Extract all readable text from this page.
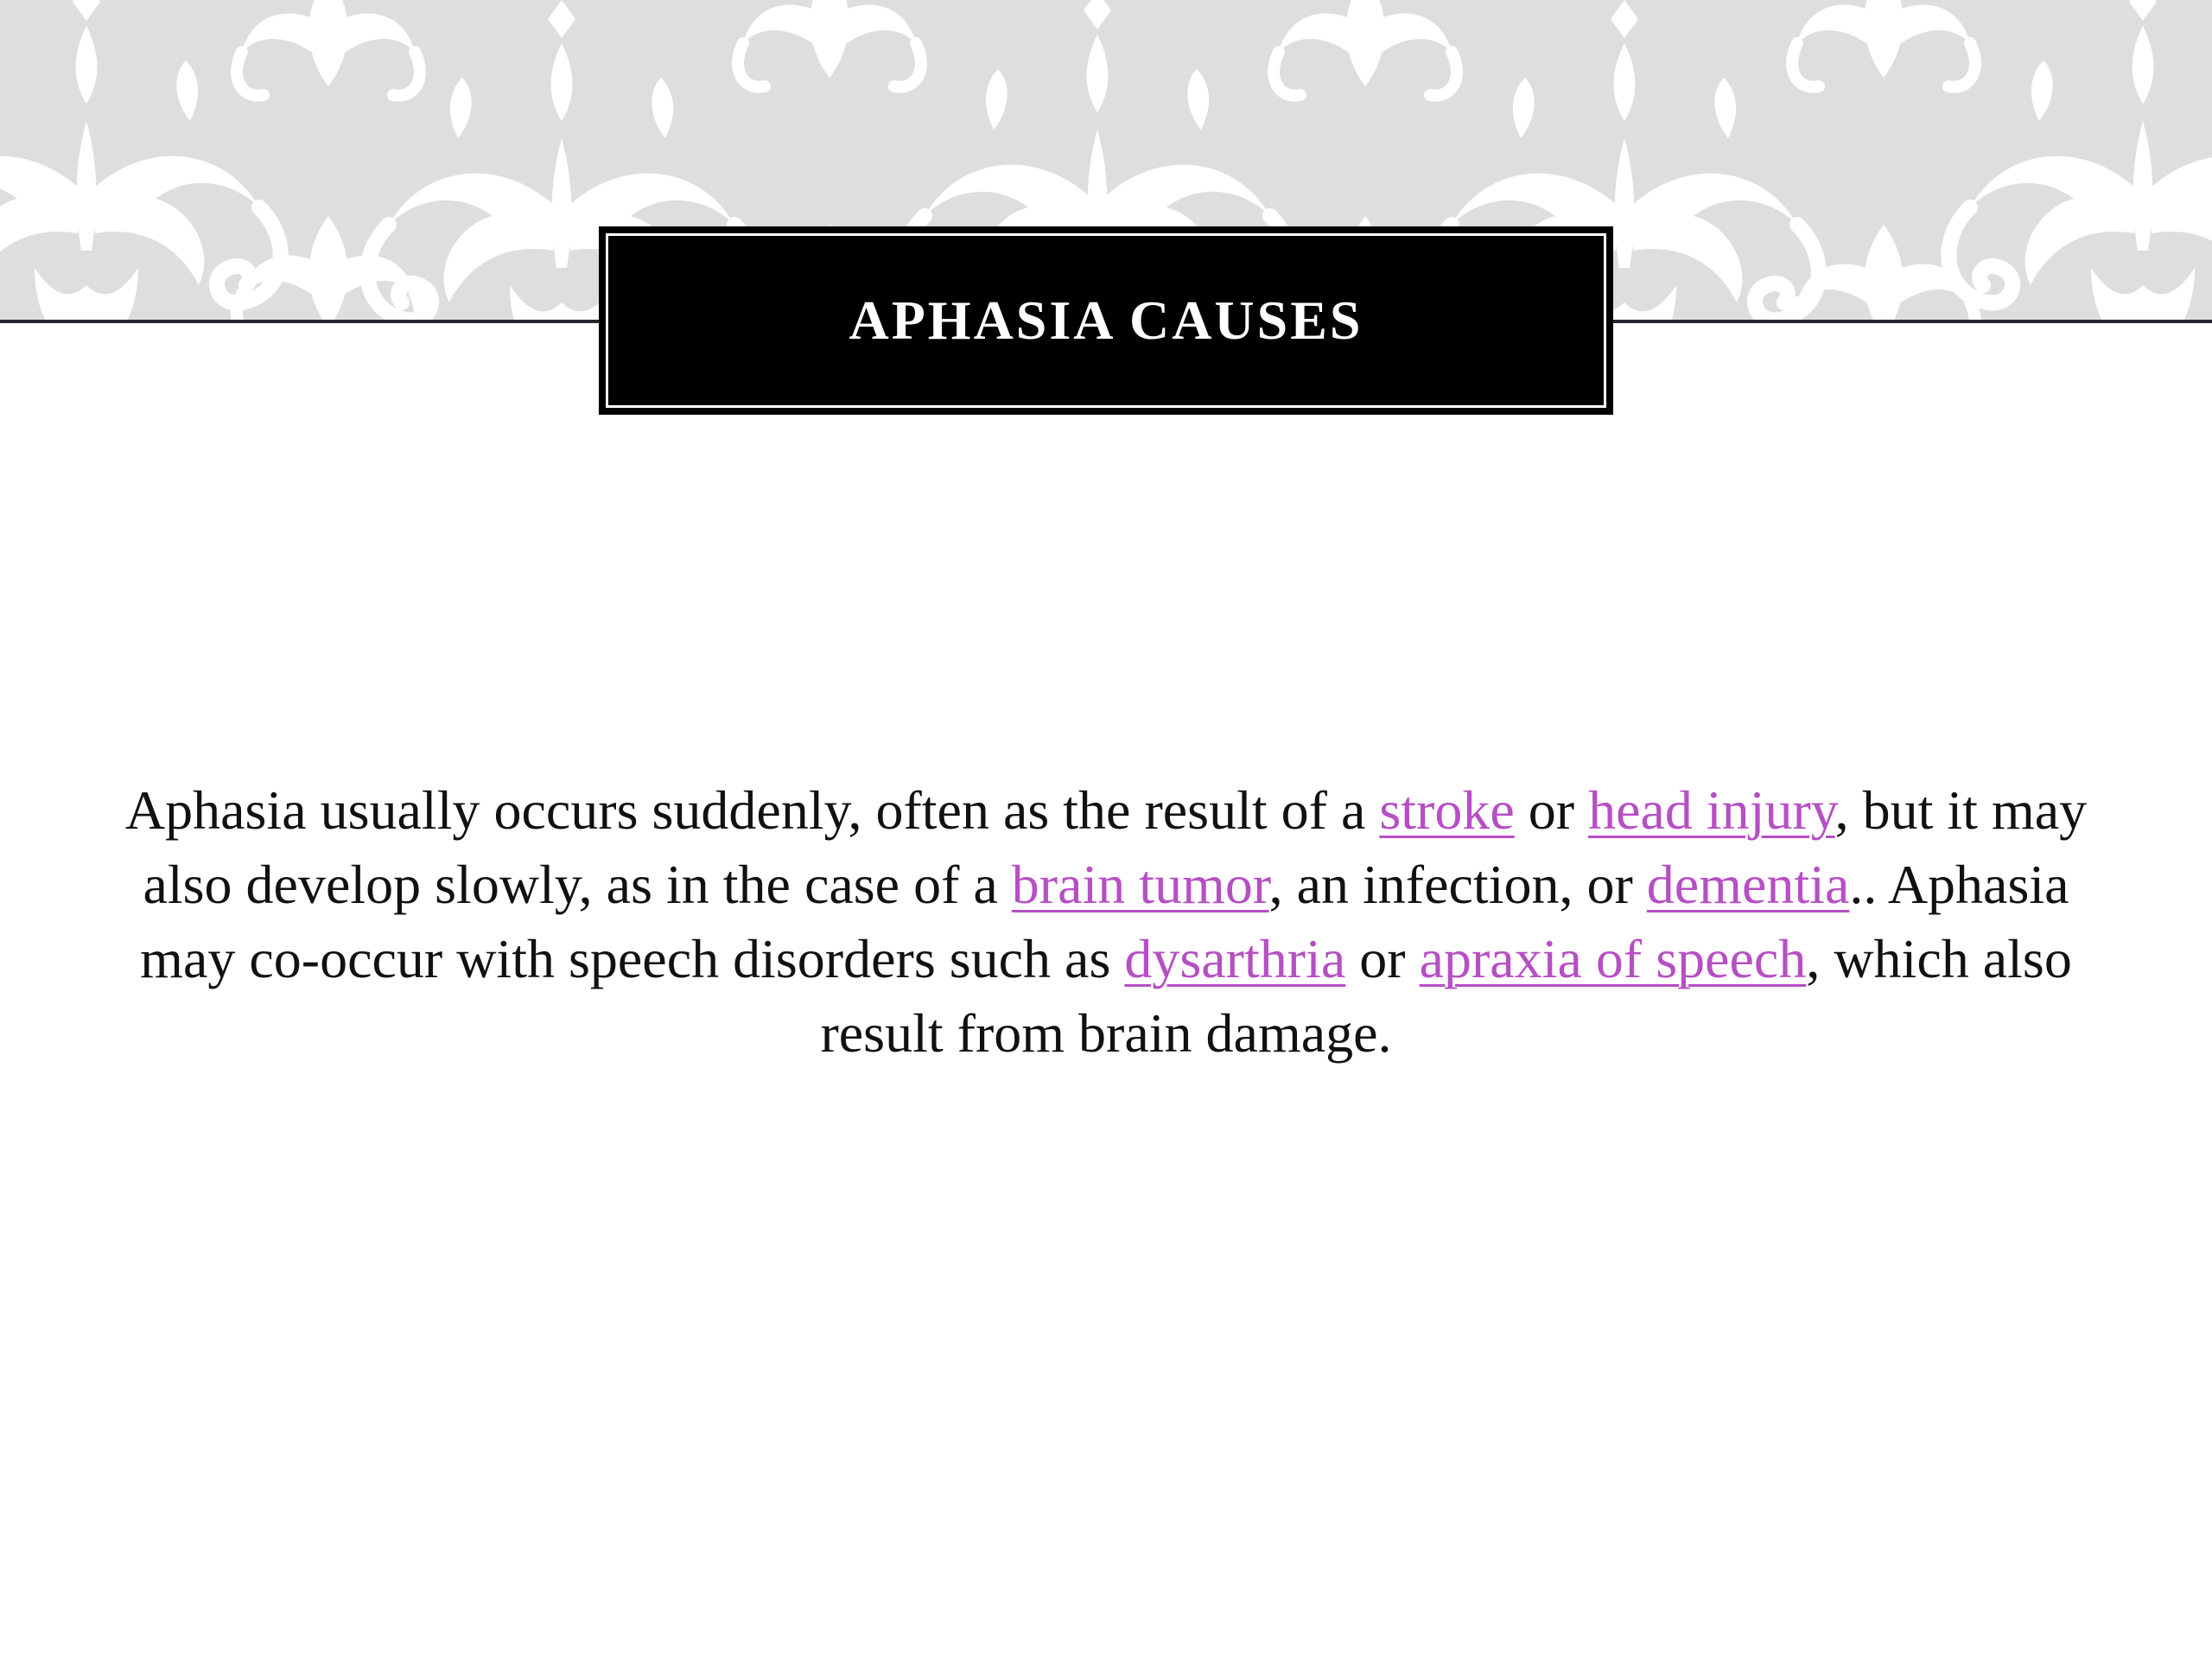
APHASIA CAUSES
Aphasia usually occurs suddenly, often as the result of a stroke or head injury, but it may also develop slowly, as in the case of a brain tumor, an infection, or dementia.. Aphasia may co-occur with speech disorders such as dysarthria or apraxia of speech, which also result from brain damage.
